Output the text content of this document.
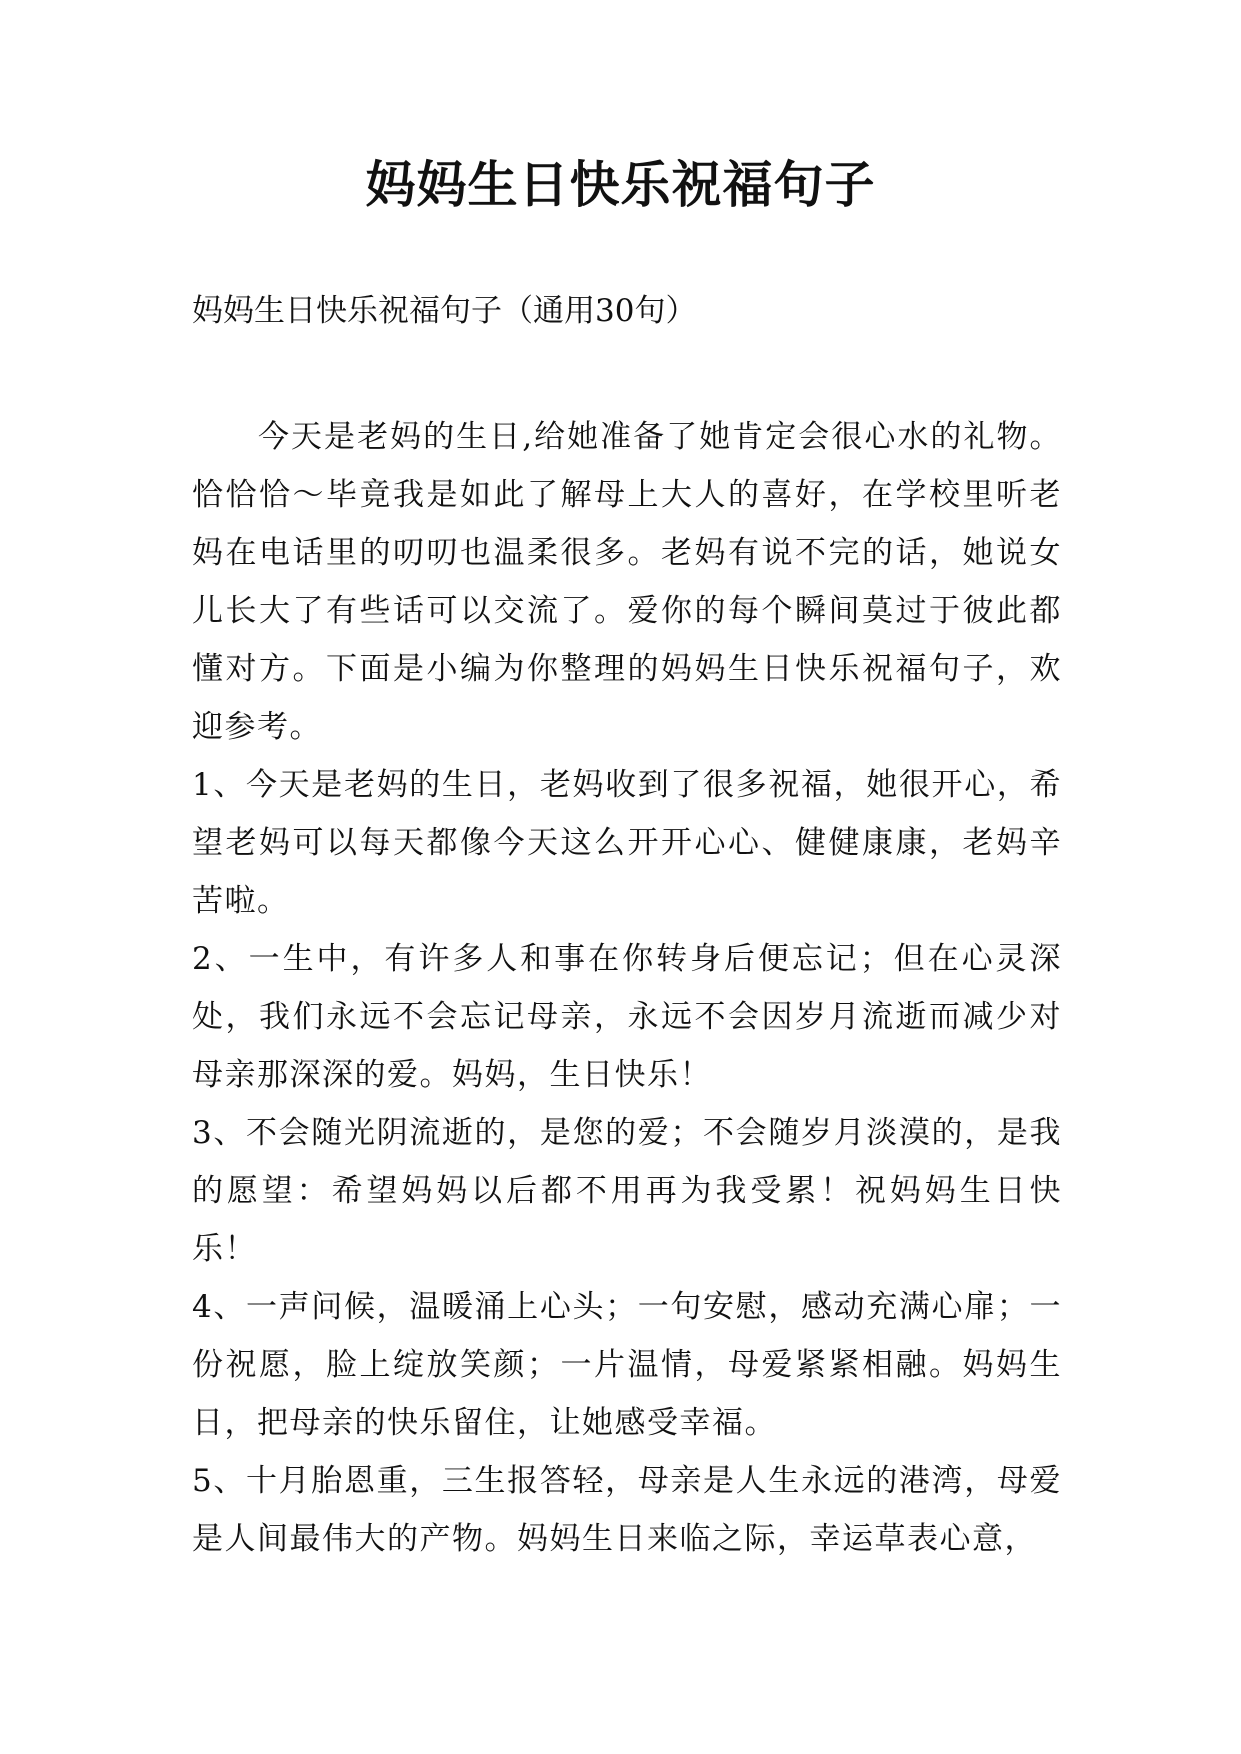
妈妈生日快乐祝福句子

妈妈生日快乐祝福句子（通用30句）

今天是老妈的生日,给她准备了她肯定会很心水的礼物。恰恰恰～毕竟我是如此了解母上大人的喜好，在学校里听老妈在电话里的叨叨也温柔很多。老妈有说不完的话，她说女儿长大了有些话可以交流了。爱你的每个瞬间莫过于彼此都懂对方。下面是小编为你整理的妈妈生日快乐祝福句子，欢迎参考。

1、今天是老妈的生日，老妈收到了很多祝福，她很开心，希望老妈可以每天都像今天这么开开心心、健健康康，老妈辛苦啦。

2、一生中，有许多人和事在你转身后便忘记；但在心灵深处，我们永远不会忘记母亲，永远不会因岁月流逝而减少对母亲那深深的爱。妈妈，生日快乐！

3、不会随光阴流逝的，是您的爱；不会随岁月淡漠的，是我的愿望：希望妈妈以后都不用再为我受累！祝妈妈生日快乐！

4、一声问候，温暖涌上心头；一句安慰，感动充满心扉；一份祝愿，脸上绽放笑颜；一片温情，母爱紧紧相融。妈妈生日，把母亲的快乐留住，让她感受幸福。

5、十月胎恩重，三生报答轻，母亲是人生永远的港湾，母爱是人间最伟大的产物。妈妈生日来临之际，幸运草表心意，
